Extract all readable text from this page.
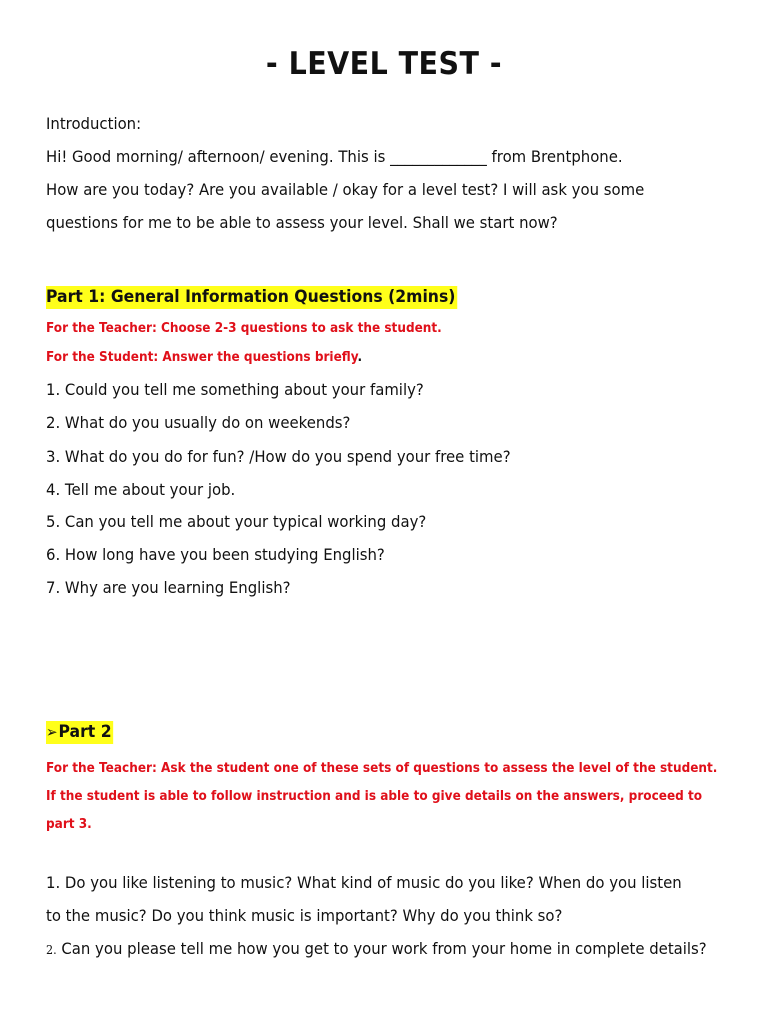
- LEVEL TEST -
Introduction:
Hi! Good morning/ afternoon/ evening. This is _____________ from Brentphone.
How are you today? Are you available / okay for a level test? I will ask you some
questions for me to be able to assess your level. Shall we start now?
Part 1: General Information Questions (2mins)
For the Teacher: Choose 2-3 questions to ask the student.
For the Student: Answer the questions briefly.
1. Could you tell me something about your family?
2. What do you usually do on weekends?
3. What do you do for fun? /How do you spend your free time?
4. Tell me about your job.
5. Can you tell me about your typical working day?
6. How long have you been studying English?
7. Why are you learning English?
➢Part 2
For the Teacher: Ask the student one of these sets of questions to assess the level of the student.
If the student is able to follow instruction and is able to give details on the answers, proceed to
part 3.
1. Do you like listening to music? What kind of music do you like? When do you listen
to the music? Do you think music is important? Why do you think so?
2. Can you please tell me how you get to your work from your home in complete details?
